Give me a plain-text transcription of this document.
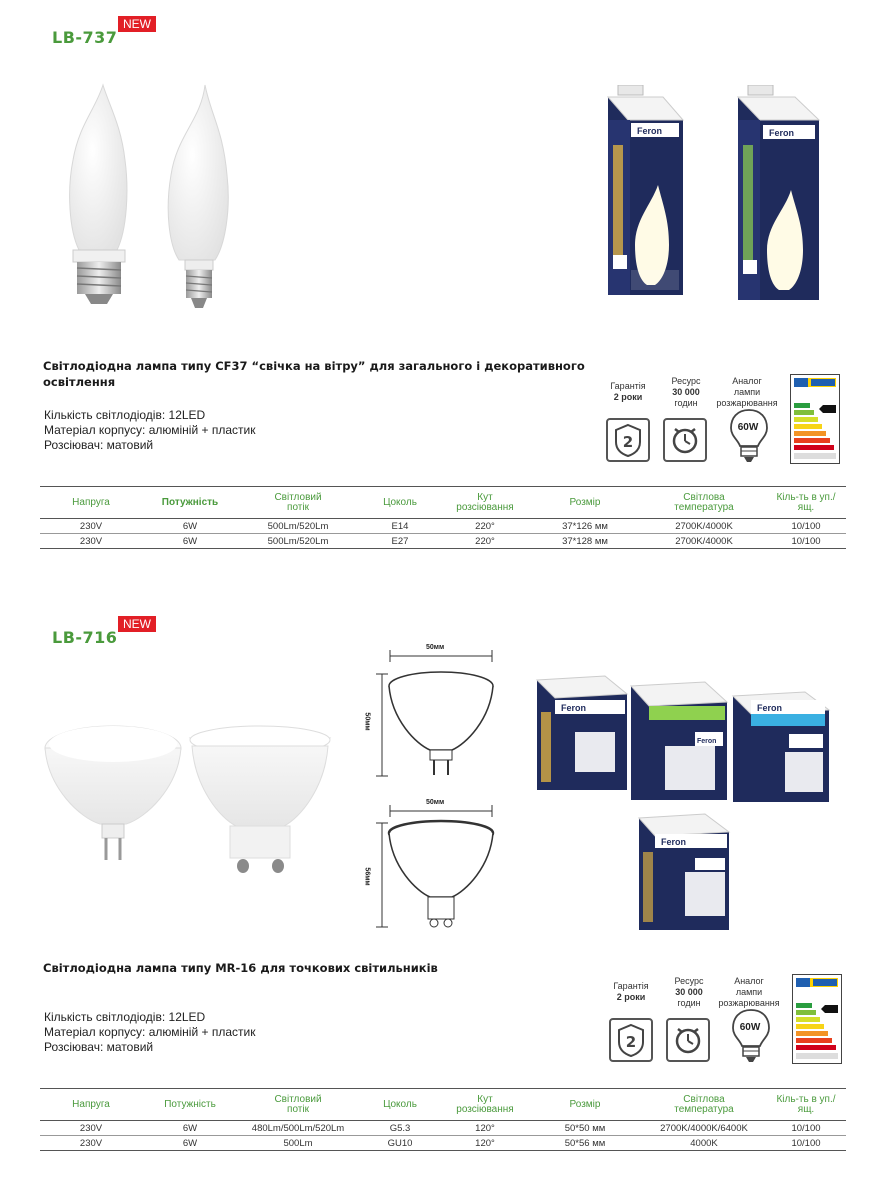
LB-737
NEW
Feron	Feron
Світлодіодна лампа типу CF37 “свічка на вітру” для загального і декоративного
освітлення
Кількість світлодіодів: 12LED
Матеріал корпусу: алюміній + пластик
Розсіювач: матовий
Гарантія
2 роки
2
Ресурс
30 000
годин
Аналог
лампи
розжарювання
60W
Напруга	Потужність	Світловий потік	Цоколь	Кут розсіювання	Розмір	Світлова температура	Кіль-ть в уп./ящ.
230V	6W	500Lm/520Lm	E14	220°	37*126 мм	2700K/4000K	10/100
230V	6W	500Lm/520Lm	E27	220°	37*128 мм	2700K/4000K	10/100
LB-716
NEW
50мм
50мм
50мм
56мм
Feron
Feron
Feron
Feron
Світлодіодна лампа типу MR-16 для точкових світильників
Кількість світлодіодів: 12LED
Матеріал корпусу: алюміній + пластик
Розсіювач: матовий
Гарантія
2 роки
2
Ресурс
30 000
годин
Аналог
лампи
розжарювання
60W
Напруга	Потужність	Світловий потік	Цоколь	Кут розсіювання	Розмір	Світлова температура	Кіль-ть в уп./ящ.
230V	6W	480Lm/500Lm/520Lm	G5.3	120°	50*50 мм	2700K/4000K/6400K	10/100
230V	6W	500Lm	GU10	120°	50*56 мм	4000K	10/100
